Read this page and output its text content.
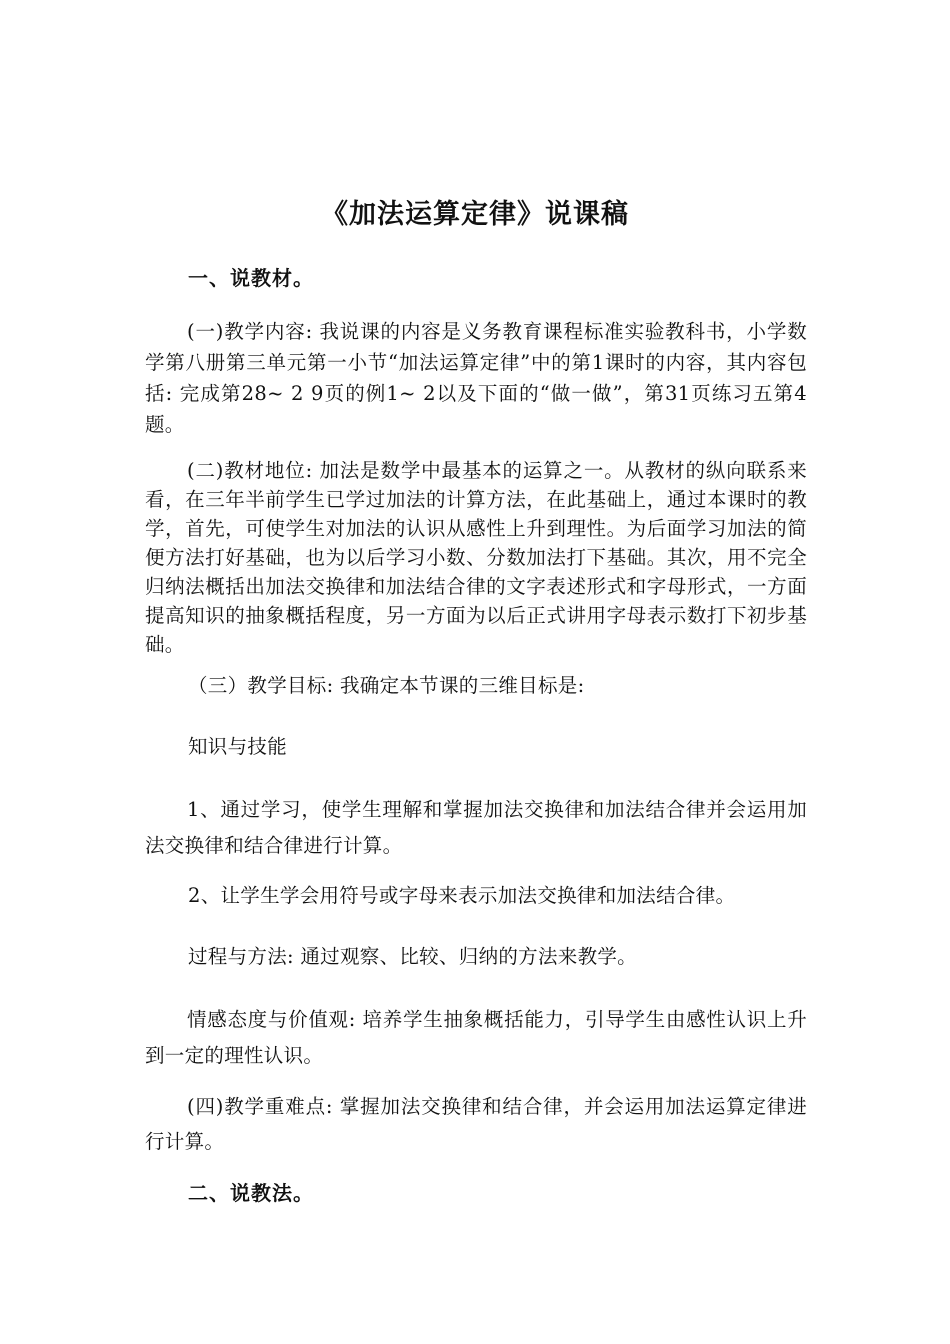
《加法运算定律》说课稿
一、说教材。
(一)教学内容: 我说课的内容是义务教育课程标准实验教科书，小学数学第八册第三单元第一小节“加法运算定律”中的第1课时的内容，其内容包括: 完成第28~ 2 9页的例1~ 2以及下面的“做一做”，第31页练习五第4题。
(二)教材地位: 加法是数学中最基本的运算之一。从教材的纵向联系来看，在三年半前学生已学过加法的计算方法，在此基础上，通过本课时的教学，首先，可使学生对加法的认识从感性上升到理性。为后面学习加法的简便方法打好基础，也为以后学习小数、分数加法打下基础。其次，用不完全归纳法概括出加法交换律和加法结合律的文字表述形式和字母形式，一方面提高知识的抽象概括程度，另一方面为以后正式讲用字母表示数打下初步基础。
（三）教学目标: 我确定本节课的三维目标是:
知识与技能
1、通过学习，使学生理解和掌握加法交换律和加法结合律并会运用加法交换律和结合律进行计算。
2、让学生学会用符号或字母来表示加法交换律和加法结合律。
过程与方法: 通过观察、比较、归纳的方法来教学。
情感态度与价值观: 培养学生抽象概括能力，引导学生由感性认识上升到一定的理性认识。
(四)教学重难点: 掌握加法交换律和结合律，并会运用加法运算定律进行计算。
二、说教法。
